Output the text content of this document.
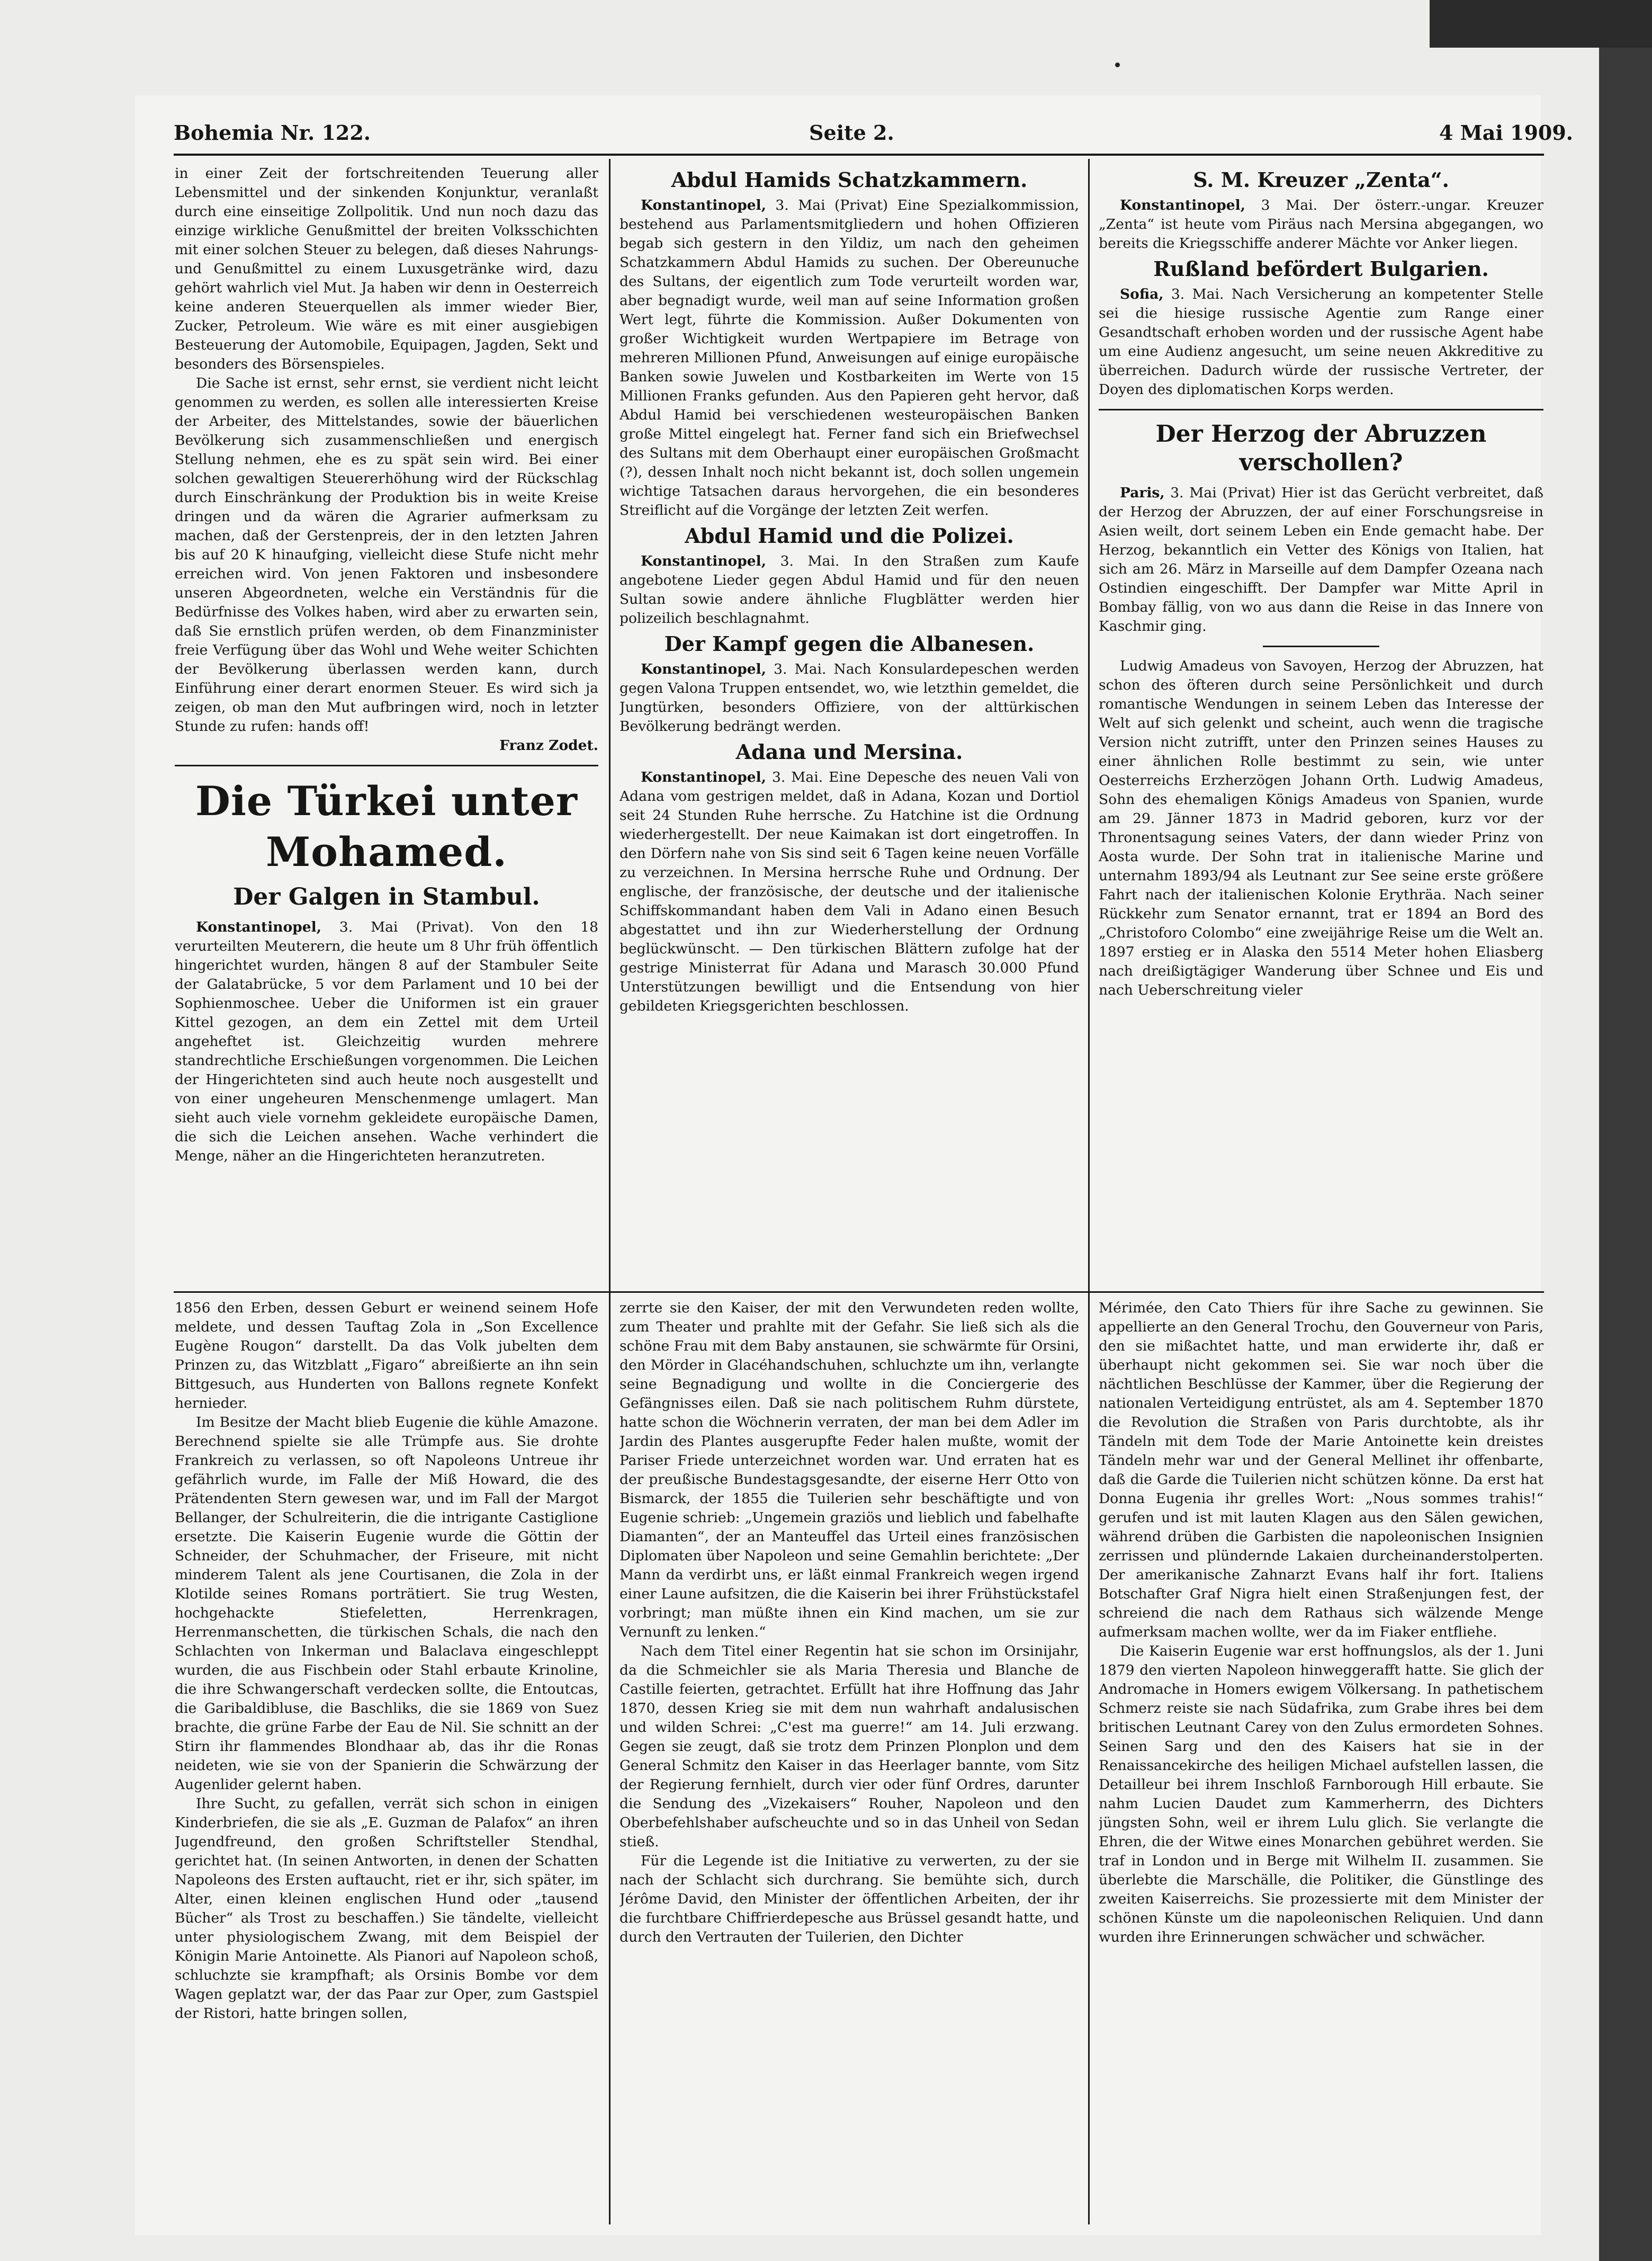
Bohemia Nr. 122.	Seite 2.	4 Mai 1909.

in einer Zeit der fortschreitenden Teuerung aller Lebensmittel und der sinkenden Konjunktur, veranlaßt durch eine einseitige Zollpolitik. Und nun noch dazu das einzige wirkliche Genußmittel der breiten Volksschichten mit einer solchen Steuer zu belegen, daß dieses Nahrungs- und Genußmittel zu einem Luxusgetränke wird, dazu gehört wahrlich viel Mut. Ja haben wir denn in Oesterreich keine anderen Steuerquellen als immer wieder Bier, Zucker, Petroleum. Wie wäre es mit einer ausgiebigen Besteuerung der Automobile, Equipagen, Jagden, Sekt und besonders des Börsenspieles.

Die Sache ist ernst, sehr ernst, sie verdient nicht leicht genommen zu werden, es sollen alle interessierten Kreise der Arbeiter, des Mittelstandes, sowie der bäuerlichen Bevölkerung sich zusammenschließen und energisch Stellung nehmen, ehe es zu spät sein wird. Bei einer solchen gewaltigen Steuererhöhung wird der Rückschlag durch Einschränkung der Produktion bis in weite Kreise dringen und da wären die Agrarier aufmerksam zu machen, daß der Gerstenpreis, der in den letzten Jahren bis auf 20 K hinaufging, vielleicht diese Stufe nicht mehr erreichen wird. Von jenen Faktoren und insbesondere unseren Abgeordneten, welche ein Verständnis für die Bedürfnisse des Volkes haben, wird aber zu erwarten sein, daß Sie ernstlich prüfen werden, ob dem Finanzminister freie Verfügung über das Wohl und Wehe weiter Schichten der Bevölkerung überlassen werden kann, durch Einführung einer derart enormen Steuer. Es wird sich ja zeigen, ob man den Mut aufbringen wird, noch in letzter Stunde zu rufen: hands off!

Franz Zodet.
Die Türkei unter Mohamed.
Der Galgen in Stambul.

Konstantinopel, 3. Mai (Privat). Von den 18 verurteilten Meuterern, die heute um 8 Uhr früh öffentlich hingerichtet wurden, hängen 8 auf der Stambuler Seite der Galatabrücke, 5 vor dem Parlament und 10 bei der Sophienmoschee. Ueber die Uniformen ist ein grauer Kittel gezogen, an dem ein Zettel mit dem Urteil angeheftet ist. Gleichzeitig wurden mehrere standrechtliche Erschießungen vorgenommen. Die Leichen der Hingerichteten sind auch heute noch ausgestellt und von einer ungeheuren Menschenmenge umlagert. Man sieht auch viele vornehm gekleidete europäische Damen, die sich die Leichen ansehen. Wache verhindert die Menge, näher an die Hingerichteten heranzutreten.

Abdul Hamids Schatzkammern.

Konstantinopel, 3. Mai (Privat) Eine Spezialkommission, bestehend aus Parlamentsmitgliedern und hohen Offizieren begab sich gestern in den Yildiz, um nach den geheimen Schatzkammern Abdul Hamids zu suchen. Der Obereunuche des Sultans, der eigentlich zum Tode verurteilt worden war, aber begnadigt wurde, weil man auf seine Information großen Wert legt, führte die Kommission. Außer Dokumenten von großer Wichtigkeit wurden Wertpapiere im Betrage von mehreren Millionen Pfund, Anweisungen auf einige europäische Banken sowie Juwelen und Kostbarkeiten im Werte von 15 Millionen Franks gefunden. Aus den Papieren geht hervor, daß Abdul Hamid bei verschiedenen westeuropäischen Banken große Mittel eingelegt hat. Ferner fand sich ein Briefwechsel des Sultans mit dem Oberhaupt einer europäischen Großmacht (?), dessen Inhalt noch nicht bekannt ist, doch sollen ungemein wichtige Tatsachen daraus hervorgehen, die ein besonderes Streiflicht auf die Vorgänge der letzten Zeit werfen.

Abdul Hamid und die Polizei.

Konstantinopel, 3. Mai. In den Straßen zum Kaufe angebotene Lieder gegen Abdul Hamid und für den neuen Sultan sowie andere ähnliche Flugblätter werden hier polizeilich beschlagnahmt.

Der Kampf gegen die Albanesen.

Konstantinopel, 3. Mai. Nach Konsulardepeschen werden gegen Valona Truppen entsendet, wo, wie letzthin gemeldet, die Jungtürken, besonders Offiziere, von der alttürkischen Bevölkerung bedrängt werden.

Adana und Mersina.

Konstantinopel, 3. Mai. Eine Depesche des neuen Vali von Adana vom gestrigen meldet, daß in Adana, Kozan und Dortiol seit 24 Stunden Ruhe herrsche. Zu Hatchine ist die Ordnung wiederhergestellt. Der neue Kaimakan ist dort eingetroffen. In den Dörfern nahe von Sis sind seit 6 Tagen keine neuen Vorfälle zu verzeichnen. In Mersina herrsche Ruhe und Ordnung. Der englische, der französische, der deutsche und der italienische Schiffskommandant haben dem Vali in Adano einen Besuch abgestattet und ihn zur Wiederherstellung der Ordnung beglückwünscht. — Den türkischen Blättern zufolge hat der gestrige Ministerrat für Adana und Marasch 30.000 Pfund Unterstützungen bewilligt und die Entsendung von hier gebildeten Kriegsgerichten beschlossen.

S. M. Kreuzer „Zenta“.

Konstantinopel, 3 Mai. Der österr.-ungar. Kreuzer „Zenta“ ist heute vom Piräus nach Mersina abgegangen, wo bereits die Kriegsschiffe anderer Mächte vor Anker liegen.

Rußland befördert Bulgarien.

Sofia, 3. Mai. Nach Versicherung an kompetenter Stelle sei die hiesige russische Agentie zum Range einer Gesandtschaft erhoben worden und der russische Agent habe um eine Audienz angesucht, um seine neuen Akkreditive zu überreichen. Dadurch würde der russische Vertreter, der Doyen des diplomatischen Korps werden.

Der Herzog der Abruzzen verschollen?

Paris, 3. Mai (Privat) Hier ist das Gerücht verbreitet, daß der Herzog der Abruzzen, der auf einer Forschungsreise in Asien weilt, dort seinem Leben ein Ende gemacht habe. Der Herzog, bekanntlich ein Vetter des Königs von Italien, hat sich am 26. März in Marseille auf dem Dampfer Ozeana nach Ostindien eingeschifft. Der Dampfer war Mitte April in Bombay fällig, von wo aus dann die Reise in das Innere von Kaschmir ging.

Ludwig Amadeus von Savoyen, Herzog der Abruzzen, hat schon des öfteren durch seine Persönlichkeit und durch romantische Wendungen in seinem Leben das Interesse der Welt auf sich gelenkt und scheint, auch wenn die tragische Version nicht zutrifft, unter den Prinzen seines Hauses zu einer ähnlichen Rolle bestimmt zu sein, wie unter Oesterreichs Erzherzögen Johann Orth. Ludwig Amadeus, Sohn des ehemaligen Königs Amadeus von Spanien, wurde am 29. Jänner 1873 in Madrid geboren, kurz vor der Thronentsagung seines Vaters, der dann wieder Prinz von Aosta wurde. Der Sohn trat in italienische Marine und unternahm 1893/94 als Leutnant zur See seine erste größere Fahrt nach der italienischen Kolonie Erythräa. Nach seiner Rückkehr zum Senator ernannt, trat er 1894 an Bord des „Christoforo Colombo“ eine zweijährige Reise um die Welt an. 1897 erstieg er in Alaska den 5514 Meter hohen Eliasberg nach dreißigtägiger Wanderung über Schnee und Eis und nach Ueberschreitung vieler

1856 den Erben, dessen Geburt er weinend seinem Hofe meldete, und dessen Tauftag Zola in „Son Excellence Eugène Rougon“ darstellt. Da das Volk jubelten dem Prinzen zu, das Witzblatt „Figaro“ abreißierte an ihn sein Bittgesuch, aus Hunderten von Ballons regnete Konfekt hernieder.

Im Besitze der Macht blieb Eugenie die kühle Amazone. Berechnend spielte sie alle Trümpfe aus. Sie drohte Frankreich zu verlassen, so oft Napoleons Untreue ihr gefährlich wurde, im Falle der Miß Howard, die des Prätendenten Stern gewesen war, und im Fall der Margot Bellanger, der Schulreiterin, die die intrigante Castiglione ersetzte. Die Kaiserin Eugenie wurde die Göttin der Schneider, der Schuhmacher, der Friseure, mit nicht minderem Talent als jene Courtisanen, die Zola in der Klotilde seines Romans porträtiert. Sie trug Westen, hochgehackte Stiefeletten, Herrenkragen, Herrenmanschetten, die türkischen Schals, die nach den Schlachten von Inkerman und Balaclava eingeschleppt wurden, die aus Fischbein oder Stahl erbaute Krinoline, die ihre Schwangerschaft verdecken sollte, die Entoutcas, die Garibaldibluse, die Baschliks, die sie 1869 von Suez brachte, die grüne Farbe der Eau de Nil. Sie schnitt an der Stirn ihr flammendes Blondhaar ab, das ihr die Ronas neideten, wie sie von der Spanierin die Schwärzung der Augenlider gelernt haben.

Ihre Sucht, zu gefallen, verrät sich schon in einigen Kinderbriefen, die sie als „E. Guzman de Palafox“ an ihren Jugendfreund, den großen Schriftsteller Stendhal, gerichtet hat. (In seinen Antworten, in denen der Schatten Napoleons des Ersten auftaucht, riet er ihr, sich später, im Alter, einen kleinen englischen Hund oder „tausend Bücher“ als Trost zu beschaffen.) Sie tändelte, vielleicht unter physiologischem Zwang, mit dem Beispiel der Königin Marie Antoinette. Als Pianori auf Napoleon schoß, schluchzte sie krampfhaft; als Orsinis Bombe vor dem Wagen geplatzt war, der das Paar zur Oper, zum Gastspiel der Ristori, hatte bringen sollen,

zerrte sie den Kaiser, der mit den Verwundeten reden wollte, zum Theater und prahlte mit der Gefahr. Sie ließ sich als die schöne Frau mit dem Baby anstaunen, sie schwärmte für Orsini, den Mörder in Glacéhandschuhen, schluchzte um ihn, verlangte seine Begnadigung und wollte in die Conciergerie des Gefängnisses eilen. Daß sie nach politischem Ruhm dürstete, hatte schon die Wöchnerin verraten, der man bei dem Adler im Jardin des Plantes ausgerupfte Feder halen mußte, womit der Pariser Friede unterzeichnet worden war. Und erraten hat es der preußische Bundestagsgesandte, der eiserne Herr Otto von Bismarck, der 1855 die Tuilerien sehr beschäftigte und von Eugenie schrieb: „Ungemein graziös und lieblich und fabelhafte Diamanten“, der an Manteuffel das Urteil eines französischen Diplomaten über Napoleon und seine Gemahlin berichtete: „Der Mann da verdirbt uns, er läßt einmal Frankreich wegen irgend einer Laune aufsitzen, die die Kaiserin bei ihrer Frühstückstafel vorbringt; man müßte ihnen ein Kind machen, um sie zur Vernunft zu lenken.“

Nach dem Titel einer Regentin hat sie schon im Orsinijahr, da die Schmeichler sie als Maria Theresia und Blanche de Castille feierten, getrachtet. Erfüllt hat ihre Hoffnung das Jahr 1870, dessen Krieg sie mit dem nun wahrhaft andalusischen und wilden Schrei: „C'est ma guerre!“ am 14. Juli erzwang. Gegen sie zeugt, daß sie trotz dem Prinzen Plonplon und dem General Schmitz den Kaiser in das Heerlager bannte, vom Sitz der Regierung fernhielt, durch vier oder fünf Ordres, darunter die Sendung des „Vizekaisers“ Rouher, Napoleon und den Oberbefehlshaber aufscheuchte und so in das Unheil von Sedan stieß.

Für die Legende ist die Initiative zu verwerten, zu der sie nach der Schlacht sich durchrang. Sie bemühte sich, durch Jérôme David, den Minister der öffentlichen Arbeiten, der ihr die furchtbare Chiffrierdepesche aus Brüssel gesandt hatte, und durch den Vertrauten der Tuilerien, den Dichter

Mérimée, den Cato Thiers für ihre Sache zu gewinnen. Sie appellierte an den General Trochu, den Gouverneur von Paris, den sie mißachtet hatte, und man erwiderte ihr, daß er überhaupt nicht gekommen sei. Sie war noch über die nächtlichen Beschlüsse der Kammer, über die Regierung der nationalen Verteidigung entrüstet, als am 4. September 1870 die Revolution die Straßen von Paris durchtobte, als ihr Tändeln mit dem Tode der Marie Antoinette kein dreistes Tändeln mehr war und der General Mellinet ihr offenbarte, daß die Garde die Tuilerien nicht schützen könne. Da erst hat Donna Eugenia ihr grelles Wort: „Nous sommes trahis!“ gerufen und ist mit lauten Klagen aus den Sälen gewichen, während drüben die Garbisten die napoleonischen Insignien zerrissen und plündernde Lakaien durcheinanderstolperten. Der amerikanische Zahnarzt Evans half ihr fort. Italiens Botschafter Graf Nigra hielt einen Straßenjungen fest, der schreiend die nach dem Rathaus sich wälzende Menge aufmerksam machen wollte, wer da im Fiaker entfliehe.

Die Kaiserin Eugenie war erst hoffnungslos, als der 1. Juni 1879 den vierten Napoleon hinweggerafft hatte. Sie glich der Andromache in Homers ewigem Völkersang. In pathetischem Schmerz reiste sie nach Südafrika, zum Grabe ihres bei dem britischen Leutnant Carey von den Zulus ermordeten Sohnes. Seinen Sarg und den des Kaisers hat sie in der Renaissancekirche des heiligen Michael aufstellen lassen, die Detailleur bei ihrem Inschloß Farnborough Hill erbaute. Sie nahm Lucien Daudet zum Kammerherrn, des Dichters jüngsten Sohn, weil er ihrem Lulu glich. Sie verlangte die Ehren, die der Witwe eines Monarchen gebühret werden. Sie traf in London und in Berge mit Wilhelm II. zusammen. Sie überlebte die Marschälle, die Politiker, die Günstlinge des zweiten Kaiserreichs. Sie prozessierte mit dem Minister der schönen Künste um die napoleonischen Reliquien. Und dann wurden ihre Erinnerungen schwächer und schwächer.
